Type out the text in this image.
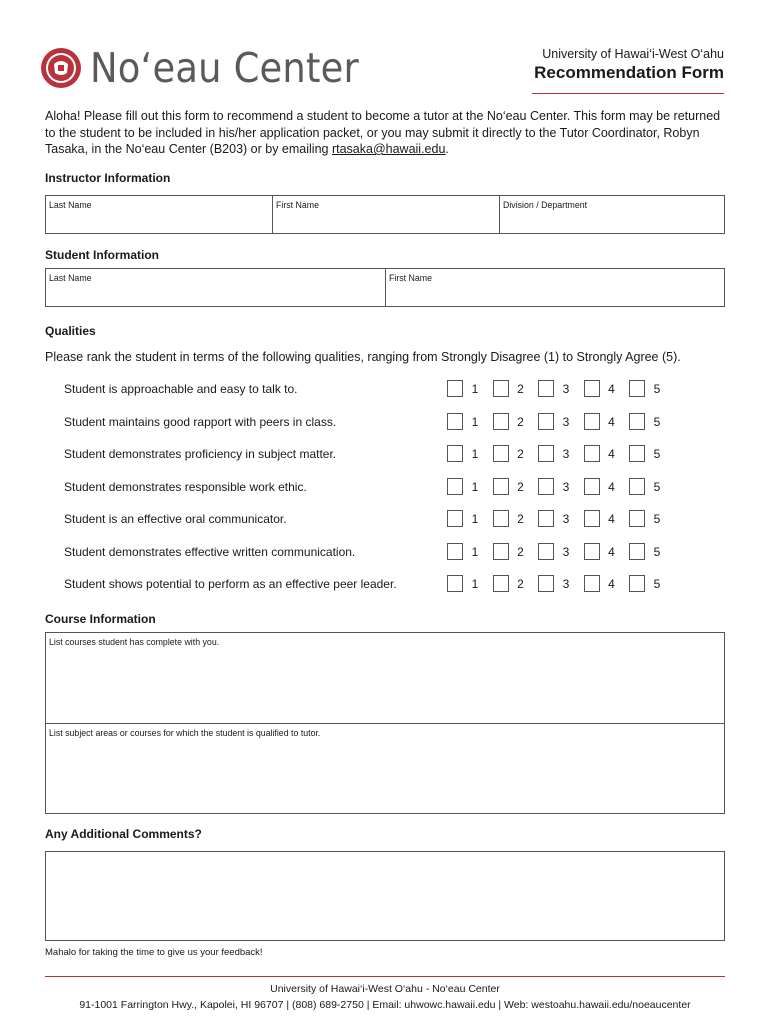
No‘eau Center	University of Hawai‘i-West O‘ahu
Recommendation Form
Aloha! Please fill out this form to recommend a student to become a tutor at the No‘eau Center. This form may be returned to the student to be included in his/her application packet, or you may submit it directly to the Tutor Coordinator, Robyn Tasaka, in the No‘eau Center (B203) or by emailing rtasaka@hawaii.edu.
Instructor Information
Last Name	First Name	Division / Department
Student Information
Last Name	First Name
Qualities
Please rank the student in terms of the following qualities, ranging from Strongly Disagree (1) to Strongly Agree (5).
Student is approachable and easy to talk to.	1	2	3	4	5
Student maintains good rapport with peers in class.	1	2	3	4	5
Student demonstrates proficiency in subject matter.	1	2	3	4	5
Student demonstrates responsible work ethic.	1	2	3	4	5
Student is an effective oral communicator.	1	2	3	4	5
Student demonstrates effective written communication.	1	2	3	4	5
Student shows potential to perform as an effective peer leader.	1	2	3	4	5
Course Information
List courses student has complete with you.
List subject areas or courses for which the student is qualified to tutor.
Any Additional Comments?
Mahalo for taking the time to give us your feedback!
University of Hawai‘i-West O‘ahu - No‘eau Center
91-1001 Farrington Hwy., Kapolei, HI 96707 | (808) 689-2750 | Email: uhwowc.hawaii.edu | Web: westoahu.hawaii.edu/noeaucenter
